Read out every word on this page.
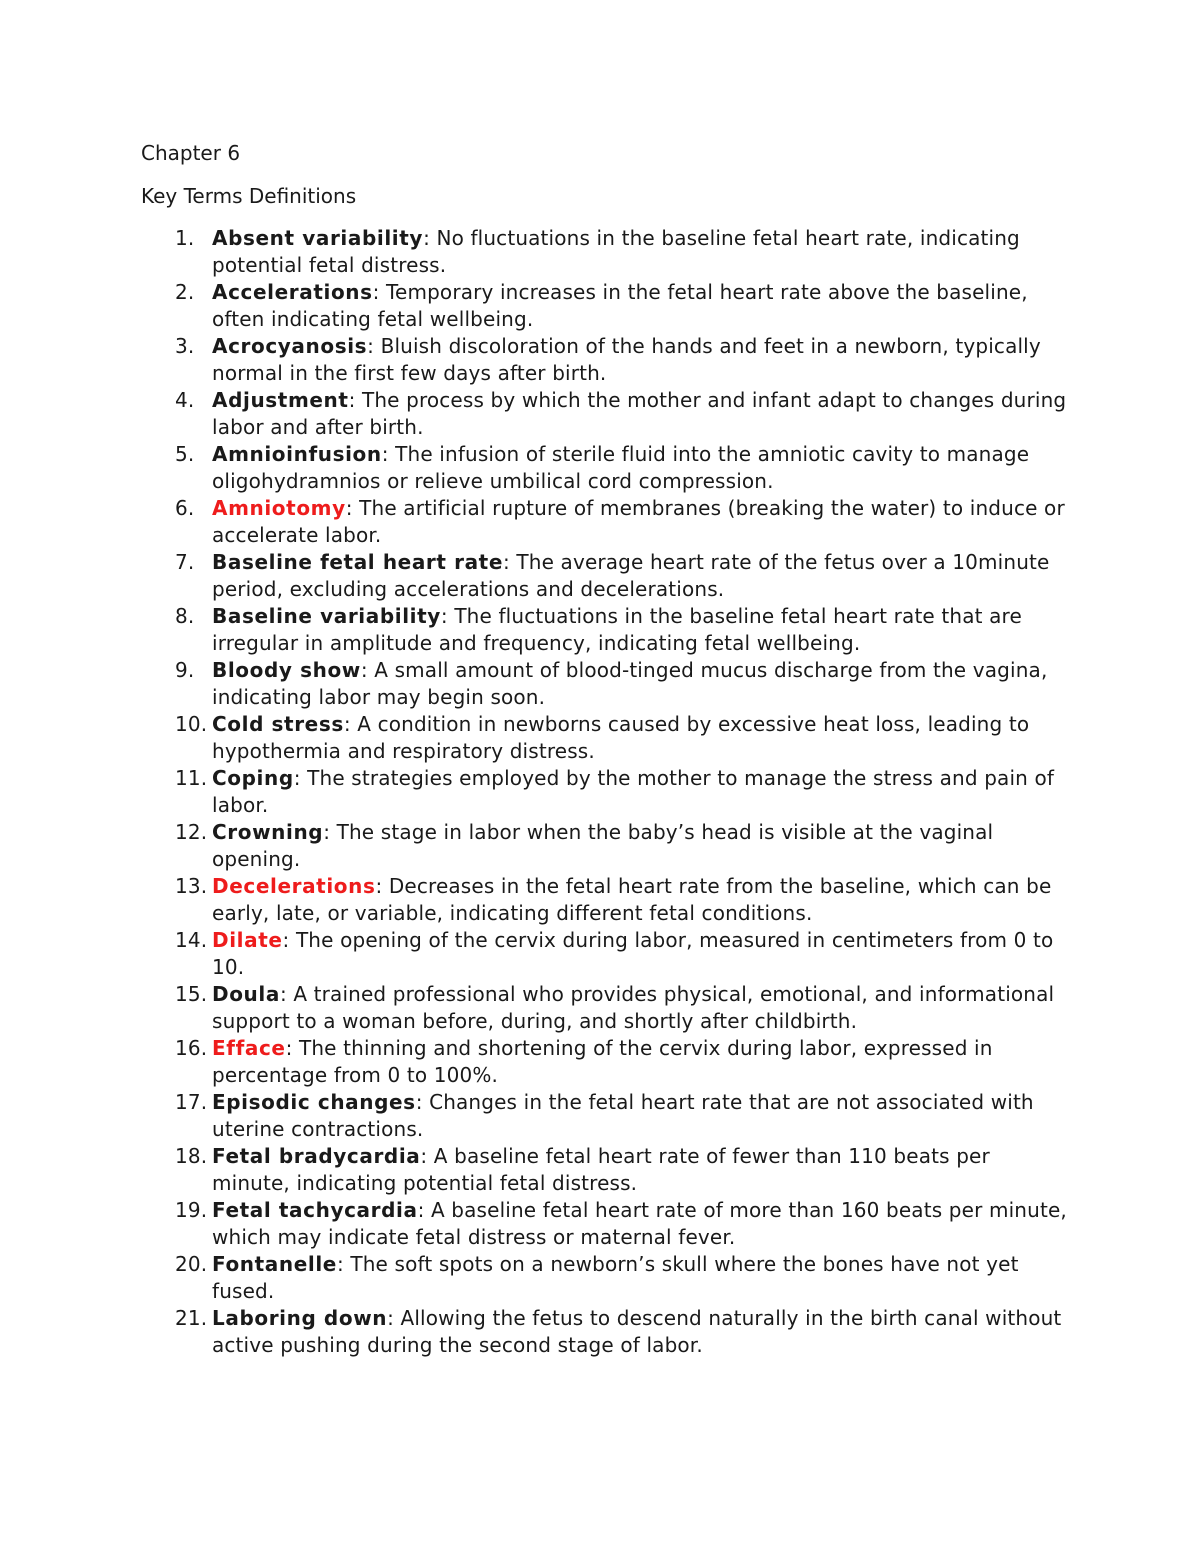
Chapter 6

Key Terms Definitions

1. Absent variability: No fluctuations in the baseline fetal heart rate, indicating potential fetal distress.
2. Accelerations: Temporary increases in the fetal heart rate above the baseline, often indicating fetal wellbeing.
3. Acrocyanosis: Bluish discoloration of the hands and feet in a newborn, typically normal in the first few days after birth.
4. Adjustment: The process by which the mother and infant adapt to changes during labor and after birth.
5. Amnioinfusion: The infusion of sterile fluid into the amniotic cavity to manage oligohydramnios or relieve umbilical cord compression.
6. Amniotomy: The artificial rupture of membranes (breaking the water) to induce or accelerate labor.
7. Baseline fetal heart rate: The average heart rate of the fetus over a 10minute period, excluding accelerations and decelerations.
8. Baseline variability: The fluctuations in the baseline fetal heart rate that are irregular in amplitude and frequency, indicating fetal wellbeing.
9. Bloody show: A small amount of blood-tinged mucus discharge from the vagina, indicating labor may begin soon.
10. Cold stress: A condition in newborns caused by excessive heat loss, leading to hypothermia and respiratory distress.
11. Coping: The strategies employed by the mother to manage the stress and pain of labor.
12. Crowning: The stage in labor when the baby’s head is visible at the vaginal opening.
13. Decelerations: Decreases in the fetal heart rate from the baseline, which can be early, late, or variable, indicating different fetal conditions.
14. Dilate: The opening of the cervix during labor, measured in centimeters from 0 to 10.
15. Doula: A trained professional who provides physical, emotional, and informational support to a woman before, during, and shortly after childbirth.
16. Efface: The thinning and shortening of the cervix during labor, expressed in percentage from 0 to 100%.
17. Episodic changes: Changes in the fetal heart rate that are not associated with uterine contractions.
18. Fetal bradycardia: A baseline fetal heart rate of fewer than 110 beats per minute, indicating potential fetal distress.
19. Fetal tachycardia: A baseline fetal heart rate of more than 160 beats per minute, which may indicate fetal distress or maternal fever.
20. Fontanelle: The soft spots on a newborn’s skull where the bones have not yet fused.
21. Laboring down: Allowing the fetus to descend naturally in the birth canal without active pushing during the second stage of labor.
